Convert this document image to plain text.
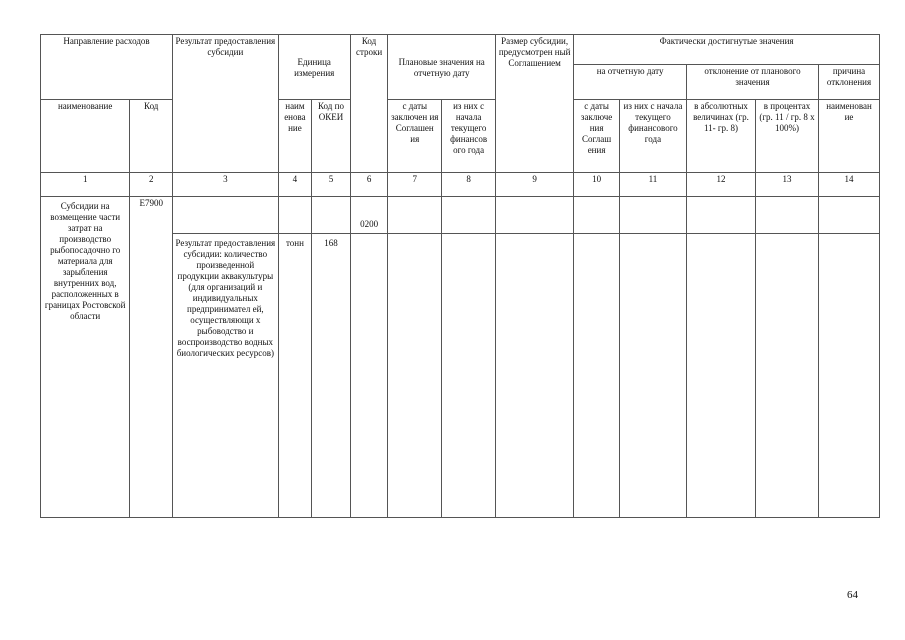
Направление расходов		Результат предоставления субсидии	Единица измерения		Код строки	Плановые значения на отчетную дату		Размер субсидии, предусмотрен ный Соглашением	Фактически достигнутые значения				
									на отчетную дату		отклонение от планового значения		причина отклонения
наименование	Код		наим енова ние	Код по ОКЕИ		с даты заключен ия Соглашен ия	из них с начала текущего финансов ого года		с даты заключе ния Соглаш ения	из них с начала текущего финансового года	в абсолютных величинах (гр. 11- гр. 8)	в процентах (гр. 11 / гр. 8 х 100%)	наименован ие
1	2	3	4	5	6	7	8	9	10	11	12	13	14
Субсидии на возмещение части затрат на производство рыбопосадочно го материала для зарыбления внутренних вод, расположенных в границах Ростовской области	Е7900				0200								
		Результат предоставления субсидии: количество произведенной продукции аквакультуры (для организаций и индивидуальных предпринимател ей, осуществляющи х рыбоводство и воспроизводство водных биологических ресурсов)	тонн	168									
64
